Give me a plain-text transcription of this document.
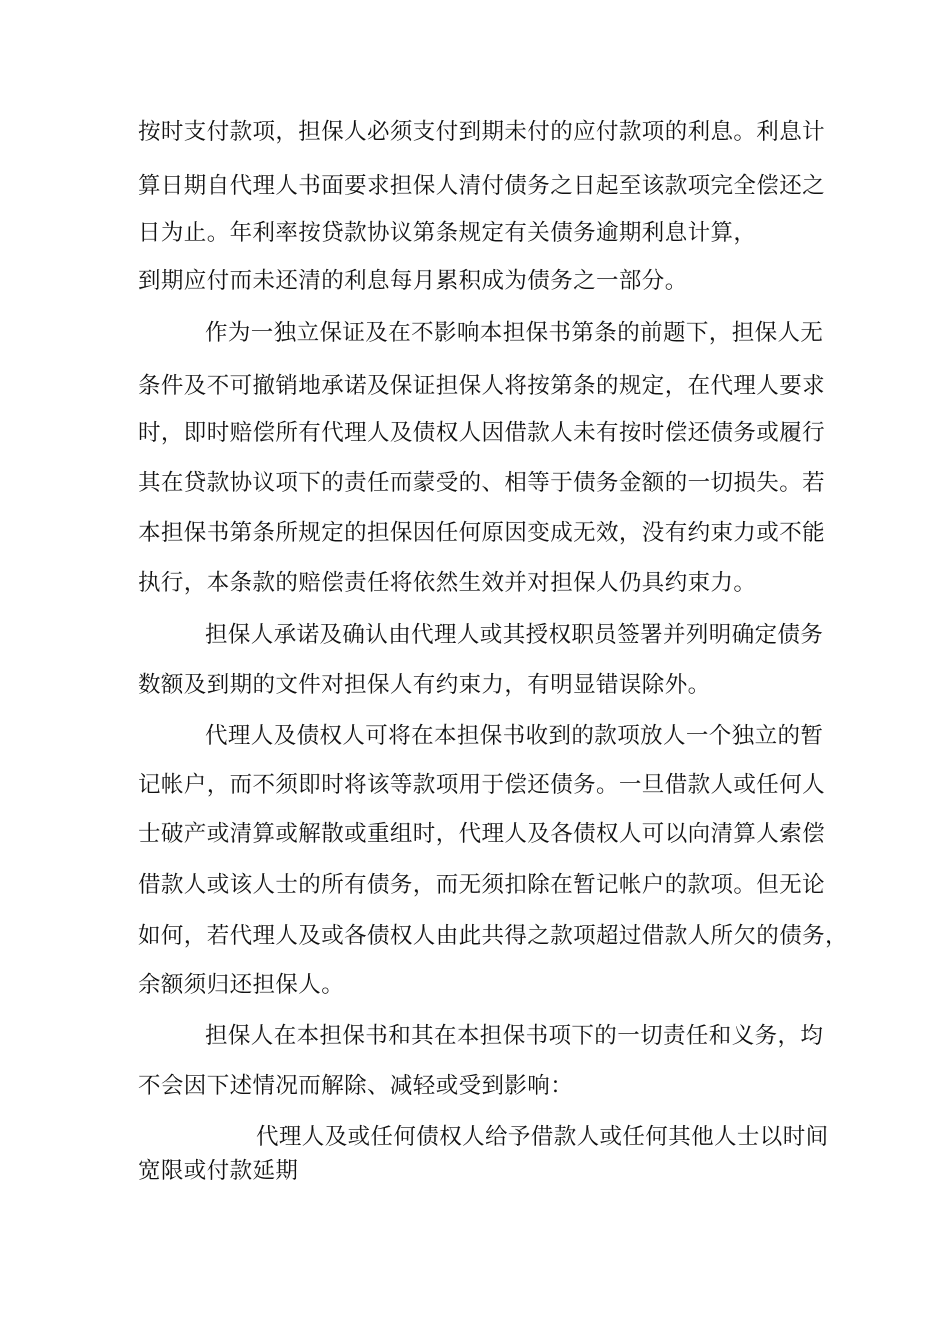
按时支付款项，担保人必须支付到期未付的应付款项的利息。利息计
算日期自代理人书面要求担保人清付债务之日起至该款项完全偿还之
日为止。年利率按贷款协议第条规定有关债务逾期利息计算，
到期应付而未还清的利息每月累积成为债务之一部分。
作为一独立保证及在不影响本担保书第条的前题下，担保人无
条件及不可撤销地承诺及保证担保人将按第条的规定，在代理人要求
时，即时赔偿所有代理人及债权人因借款人未有按时偿还债务或履行
其在贷款协议项下的责任而蒙受的、相等于债务金额的一切损失。若
本担保书第条所规定的担保因任何原因变成无效，没有约束力或不能
执行，本条款的赔偿责任将依然生效并对担保人仍具约束力。
担保人承诺及确认由代理人或其授权职员签署并列明确定债务
数额及到期的文件对担保人有约束力，有明显错误除外。
代理人及债权人可将在本担保书收到的款项放人一个独立的暂
记帐户，而不须即时将该等款项用于偿还债务。一旦借款人或任何人
士破产或清算或解散或重组时，代理人及各债权人可以向清算人索偿
借款人或该人士的所有债务，而无须扣除在暂记帐户的款项。但无论
如何，若代理人及或各债权人由此共得之款项超过借款人所欠的债务，
余额须归还担保人。
担保人在本担保书和其在本担保书项下的一切责任和义务，均
不会因下述情况而解除、减轻或受到影响：
代理人及或任何债权人给予借款人或任何其他人士以时间
宽限或付款延期
